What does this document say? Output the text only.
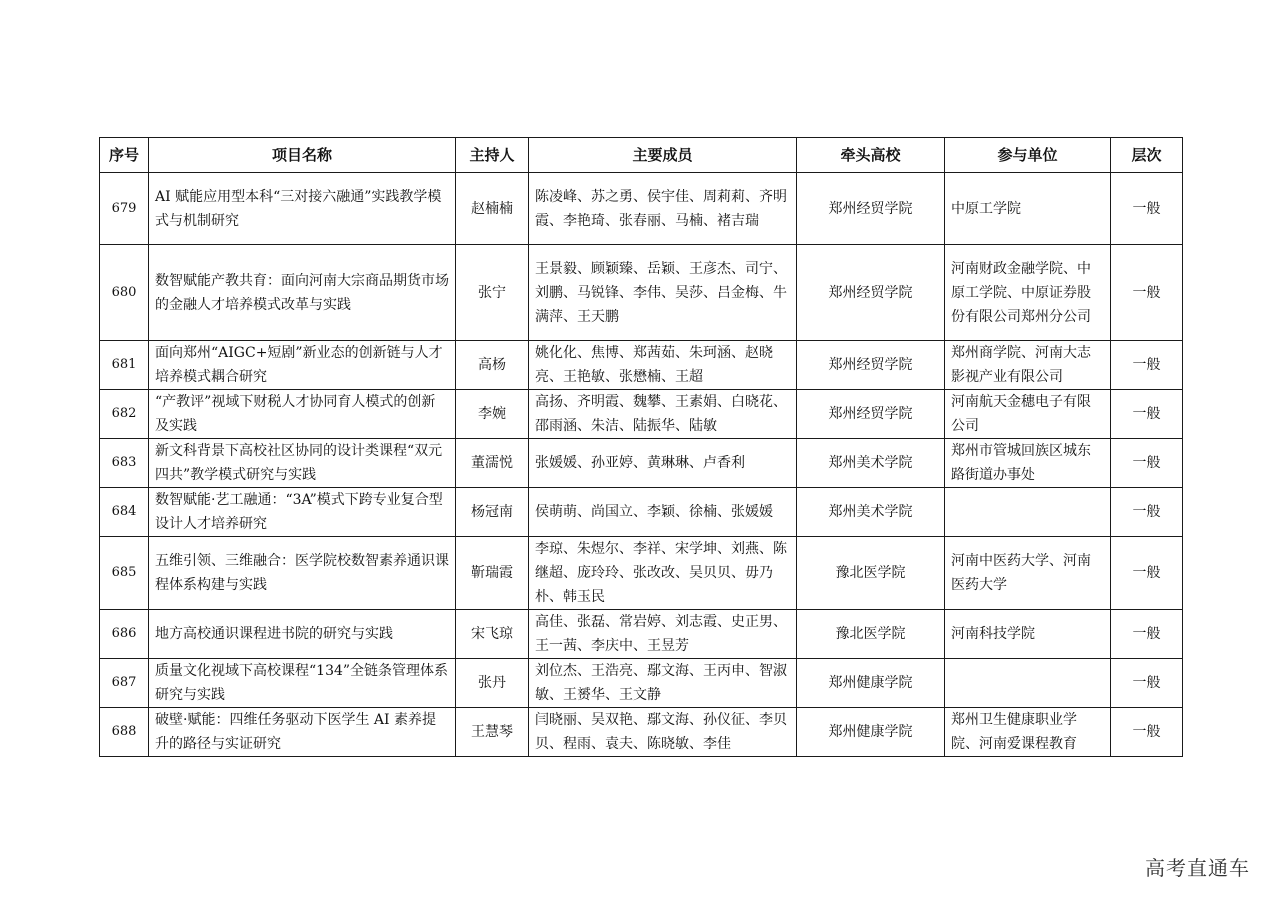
序号	项目名称	主持人	主要成员	牵头高校	参与单位	层次
679	AI 赋能应用型本科“三对接六融通”实践教学模式与机制研究	赵楠楠	陈凌峰、苏之勇、侯宇佳、周莉莉、齐明霞、李艳琦、张春丽、马楠、褚吉瑞	郑州经贸学院	中原工学院	一般
680	数智赋能产教共育：面向河南大宗商品期货市场的金融人才培养模式改革与实践	张宁	王景毅、顾颖臻、岳颖、王彦杰、司宁、刘鹏、马锐锋、李伟、吴莎、吕金梅、牛满萍、王天鹏	郑州经贸学院	河南财政金融学院、中原工学院、中原证券股份有限公司郑州分公司	一般
681	面向郑州“AIGC+短剧”新业态的创新链与人才培养模式耦合研究	高杨	姚化化、焦博、郑茜茹、朱珂涵、赵晓亮、王艳敏、张懋楠、王超	郑州经贸学院	郑州商学院、河南大志影视产业有限公司	一般
682	“产教评”视域下财税人才协同育人模式的创新及实践	李婉	高扬、齐明霞、魏攀、王素娟、白晓花、邵雨涵、朱洁、陆振华、陆敏	郑州经贸学院	河南航天金穗电子有限公司	一般
683	新文科背景下高校社区协同的设计类课程“双元四共”教学模式研究与实践	董濡悦	张媛媛、孙亚婷、黄琳琳、卢香利	郑州美术学院	郑州市管城回族区城东路街道办事处	一般
684	数智赋能·艺工融通：“3A”模式下跨专业复合型设计人才培养研究	杨冠南	侯萌萌、尚国立、李颖、徐楠、张媛媛	郑州美术学院		一般
685	五维引领、三维融合：医学院校数智素养通识课程体系构建与实践	靳瑞霞	李琼、朱煜尔、李祥、宋学坤、刘燕、陈继超、庞玲玲、张改改、吴贝贝、毋乃朴、韩玉民	豫北医学院	河南中医药大学、河南医药大学	一般
686	地方高校通识课程进书院的研究与实践	宋飞琼	高佳、张磊、常岩婷、刘志霞、史正男、王一茜、李庆中、王昱芳	豫北医学院	河南科技学院	一般
687	质量文化视域下高校课程“134”全链条管理体系研究与实践	张丹	刘位杰、王浩亮、鄢文海、王丙申、智淑敏、王赟华、王文静	郑州健康学院		一般
688	破壁·赋能：四维任务驱动下医学生 AI 素养提升的路径与实证研究	王慧琴	闫晓丽、吴双艳、鄢文海、孙仪征、李贝贝、程雨、袁夫、陈晓敏、李佳	郑州健康学院	郑州卫生健康职业学院、河南爱课程教育	一般
高考直通车
